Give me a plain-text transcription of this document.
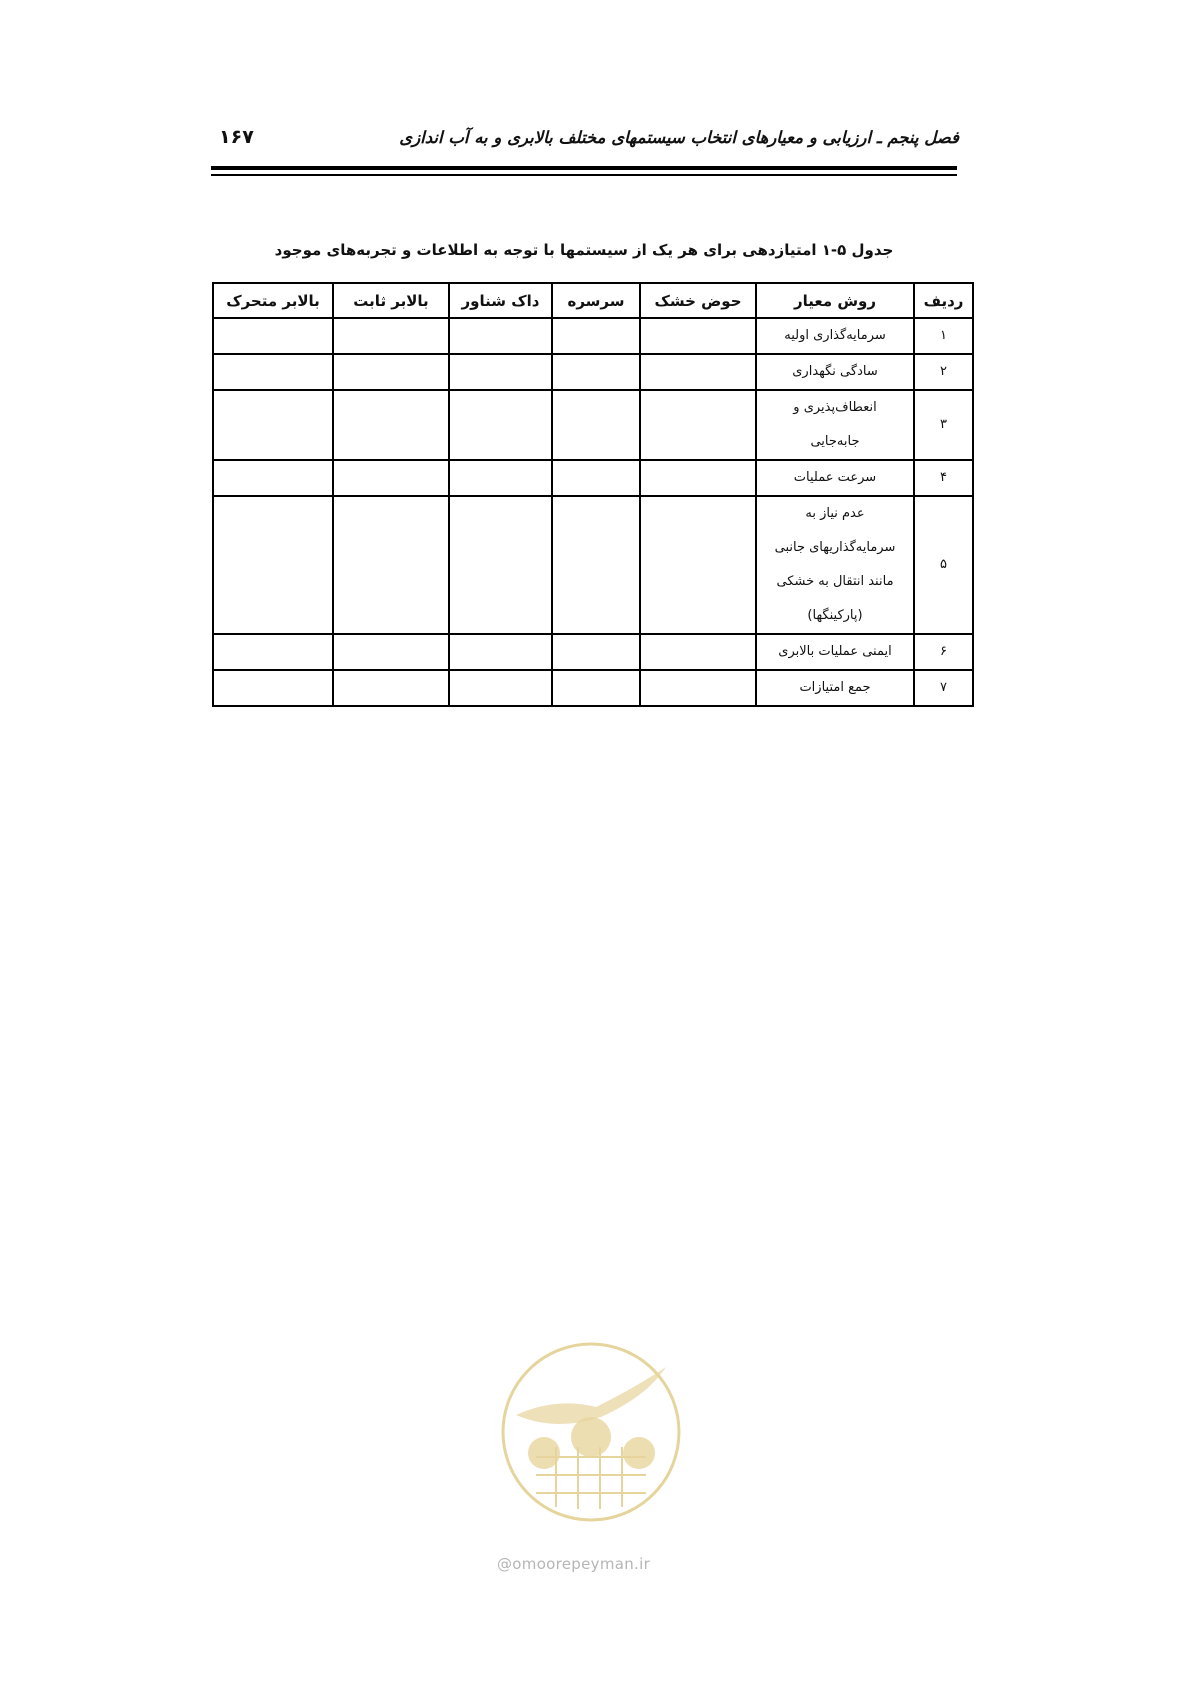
فصل پنجم ـ ارزیابی و معیارهای انتخاب سیستمهای مختلف بالابری و به آب اندازی
۱۶۷
جدول ۵-۱ امتیازدهی برای هر یک از سیستمها با توجه به اطلاعات و تجربه‌های موجود
ردیف	روش معیار	حوض خشک	سرسره	داک شناور	بالابر ثابت	بالابر متحرک
۱	سرمایه‌گذاری اولیه					

۲	سادگی نگهداری					

۳	انعطاف‌پذیری و
جابه‌جایی					

۴	سرعت عملیات					

۵	عدم نیاز به
سرمایه‌گذاریهای جانبی
مانند انتقال به خشکی
(پارکینگها)					

۶	ایمنی عملیات بالابری					

۷	جمع امتیازات					

@omoorepeyman.ir
